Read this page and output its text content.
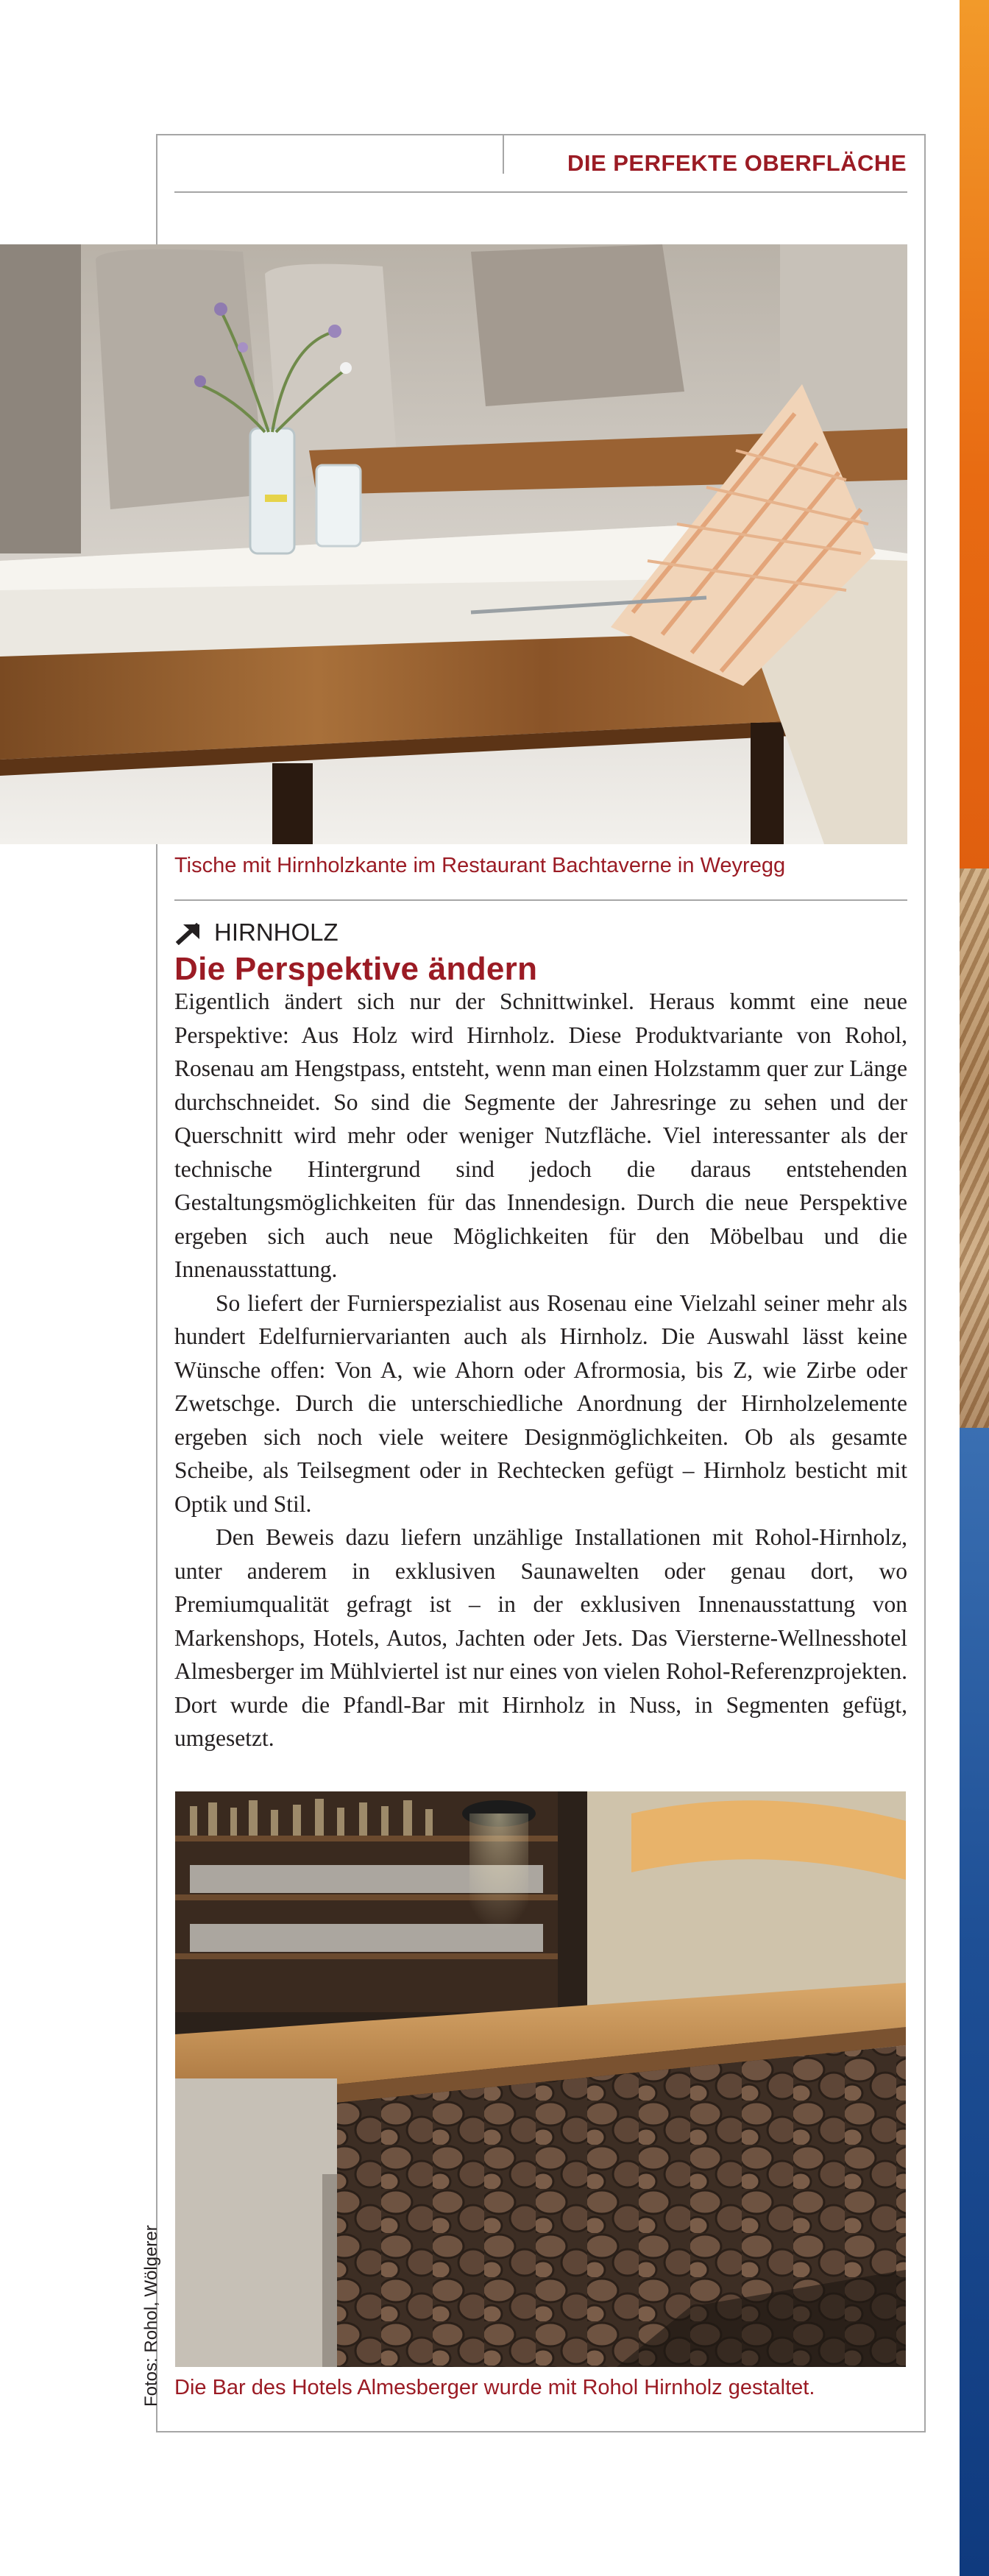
DIE PERFEKTE OBERFLÄCHE
Tische mit Hirnholzkante im Restaurant Bachtaverne in Weyregg
HIRNHOLZ
Die Perspektive ändern

Eigentlich ändert sich nur der Schnittwinkel. Heraus kommt eine neue Perspektive: Aus Holz wird Hirnholz. Diese Produktvariante von Rohol, Rosenau am Hengstpass, entsteht, wenn man einen Holzstamm quer zur Länge durchschneidet. So sind die Segmente der Jahresringe zu sehen und der Querschnitt wird mehr oder weniger Nutzfläche. Viel interessanter als der technische Hintergrund sind jedoch die daraus entstehenden Gestaltungsmöglichkeiten für das Innendesign. Durch die neue Perspektive ergeben sich auch neue Möglichkeiten für den Möbelbau und die Innenausstattung.

So liefert der Furnierspezialist aus Rosenau eine Vielzahl seiner mehr als hundert Edelfurniervarianten auch als Hirnholz. Die Auswahl lässt keine Wünsche offen: Von A, wie Ahorn oder Afrormosia, bis Z, wie Zirbe oder Zwetschge. Durch die unterschiedliche Anordnung der Hirnholzelemente ergeben sich noch viele weitere Designmöglichkeiten. Ob als gesamte Scheibe, als Teilsegment oder in Rechtecken gefügt – Hirnholz besticht mit Optik und Stil.

Den Beweis dazu liefern unzählige Installationen mit Rohol-Hirnholz, unter anderem in exklusiven Saunawelten oder genau dort, wo Premiumqualität gefragt ist – in der exklusiven Innenausstattung von Markenshops, Hotels, Autos, Jachten oder Jets. Das Viersterne-Wellnesshotel Almesberger im Mühlviertel ist nur eines von vielen Rohol-Referenzprojekten. Dort wurde die Pfandl-Bar mit Hirnholz in Nuss, in Segmenten gefügt, umgesetzt.

Die Bar des Hotels Almesberger wurde mit Rohol Hirnholz gestaltet.
Fotos: Rohol, Wölgerer
